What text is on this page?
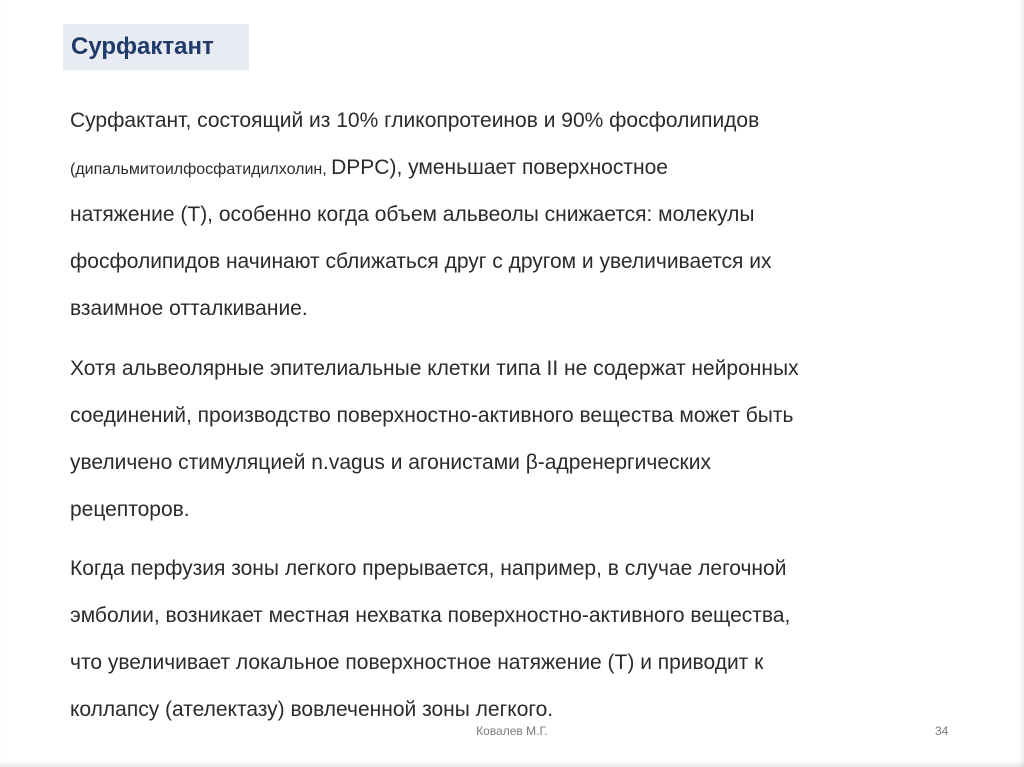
Сурфактант
Сурфактант, состоящий из 10% гликопротеинов и 90% фосфолипидов
(дипальмитоилфосфатидилхолин, DPPC), уменьшает поверхностное
натяжение (T), особенно когда объем альвеолы снижается: молекулы
фосфолипидов начинают сближаться друг с другом и увеличивается их
взаимное отталкивание.
Хотя альвеолярные эпителиальные клетки типа II не содержат нейронных
соединений, производство поверхностно-активного вещества может быть
увеличено стимуляцией n.vagus и агонистами β-адренергических
рецепторов.
Когда перфузия зоны легкого прерывается, например, в случае легочной
эмболии, возникает местная нехватка поверхностно-активного вещества,
что увеличивает локальное поверхностное натяжение (T) и приводит к
коллапсу (ателектазу) вовлеченной зоны легкого.
Ковалев М.Г.	34
